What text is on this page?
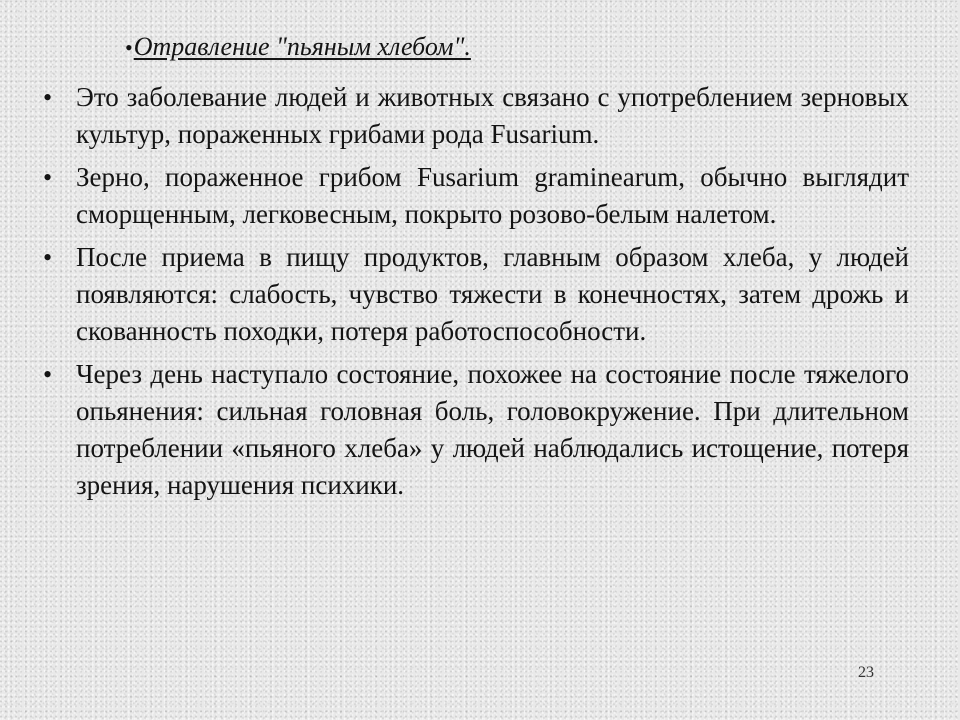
•Отравление "пьяным хлебом".
• Это заболевание людей и животных связано с употреблением зерновых культур, пораженных грибами рода Fusarium.
• Зерно, пораженное грибом Fusarium graminearum, обычно выглядит сморщенным, легковесным, покрыто розово-белым налетом.
• После приема в пищу продуктов, главным образом хлеба, у людей появляются: слабость, чувство тяжести в конечностях, затем дрожь и скованность походки, потеря работоспособности.
• Через день наступало состояние, похожее на состояние после тяжелого опьянения: сильная головная боль, головокружение. При длительном потреблении «пьяного хлеба» у людей наблюдались истощение, потеря зрения, нарушения психики.
23
